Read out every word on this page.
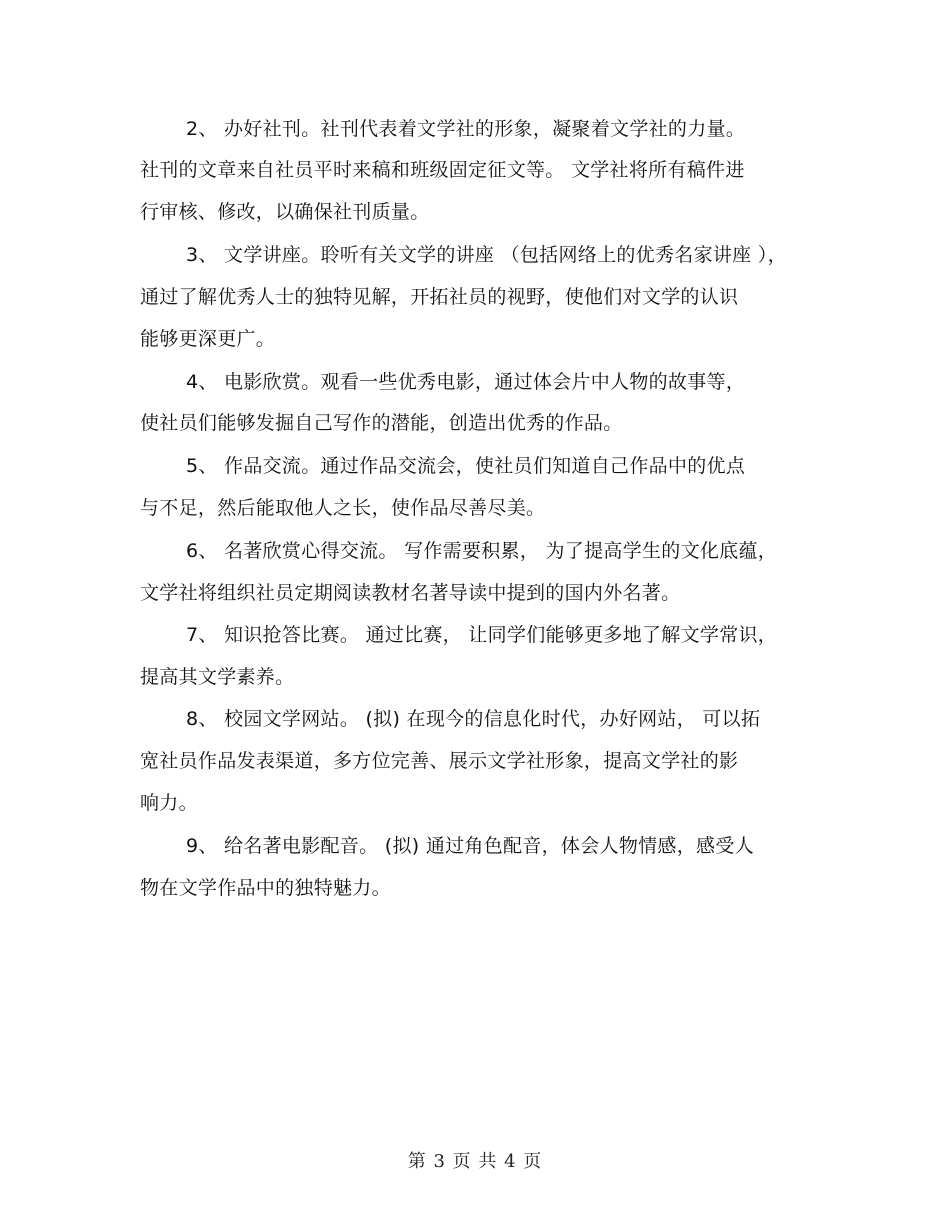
2、 办好社刊。社刊代表着文学社的形象，凝聚着文学社的力量。
社刊的文章来自社员平时来稿和班级固定征文等。 文学社将所有稿件进
行审核、修改，以确保社刊质量。
3、 文学讲座。聆听有关文学的讲座 （包括网络上的优秀名家讲座 ），
通过了解优秀人士的独特见解，开拓社员的视野，使他们对文学的认识
能够更深更广。
4、 电影欣赏。观看一些优秀电影，通过体会片中人物的故事等，
使社员们能够发掘自己写作的潜能，创造出优秀的作品。
5、 作品交流。通过作品交流会，使社员们知道自己作品中的优点
与不足，然后能取他人之长，使作品尽善尽美。
6、 名著欣赏心得交流。 写作需要积累， 为了提高学生的文化底蕴，
文学社将组织社员定期阅读教材名著导读中提到的国内外名著。
7、 知识抢答比赛。 通过比赛， 让同学们能够更多地了解文学常识，
提高其文学素养。
8、 校园文学网站。 (拟) 在现今的信息化时代，办好网站， 可以拓
宽社员作品发表渠道，多方位完善、展示文学社形象，提高文学社的影
响力。
9、 给名著电影配音。 (拟) 通过角色配音，体会人物情感，感受人
物在文学作品中的独特魅力。
第 3 页 共 4 页
